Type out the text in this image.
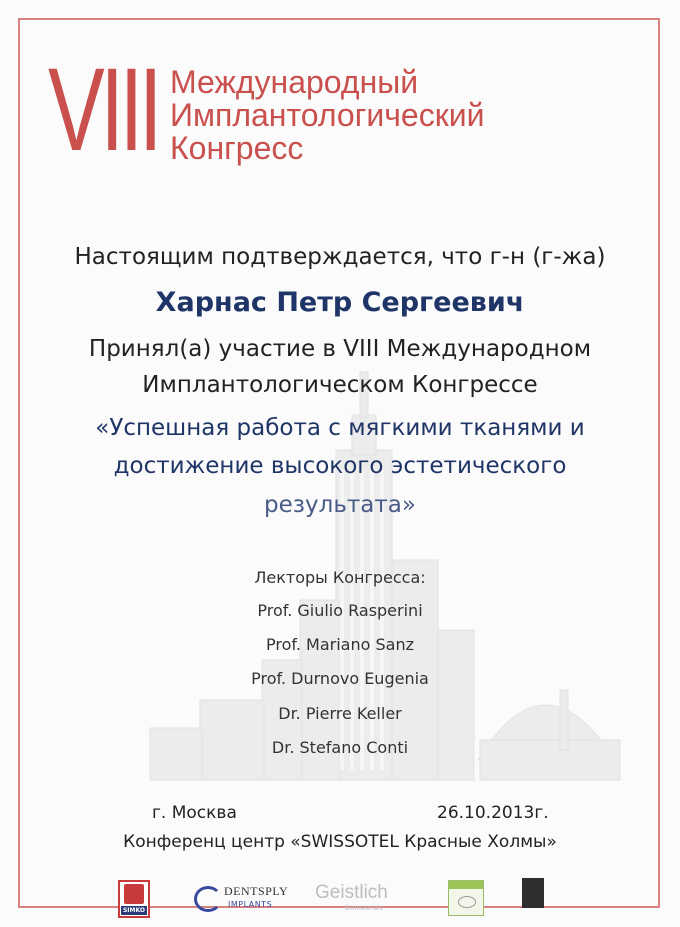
VIII Международный
Имплантологический
Конгресс
Настоящим подтверждается, что г-н (г-жа)
Харнас Петр Сергеевич
Принял(а) участие в VIII Международном
Имплантологическом Конгрессе
«Успешная работа с мягкими тканями и
достижение высокого эстетического
результата»
Лекторы Конгресса:
Prof. Giulio Rasperini
Prof. Mariano Sanz
Prof. Durnovo Eugenia
Dr. Pierre Keller
Dr. Stefano Conti
Конференц центр «SWISSOTEL Красные Холмы»
г. Москва	26.10.2013г.
SIMKO
DENTSPLY
IMPLANTS
Geistlich
Biomaterials
